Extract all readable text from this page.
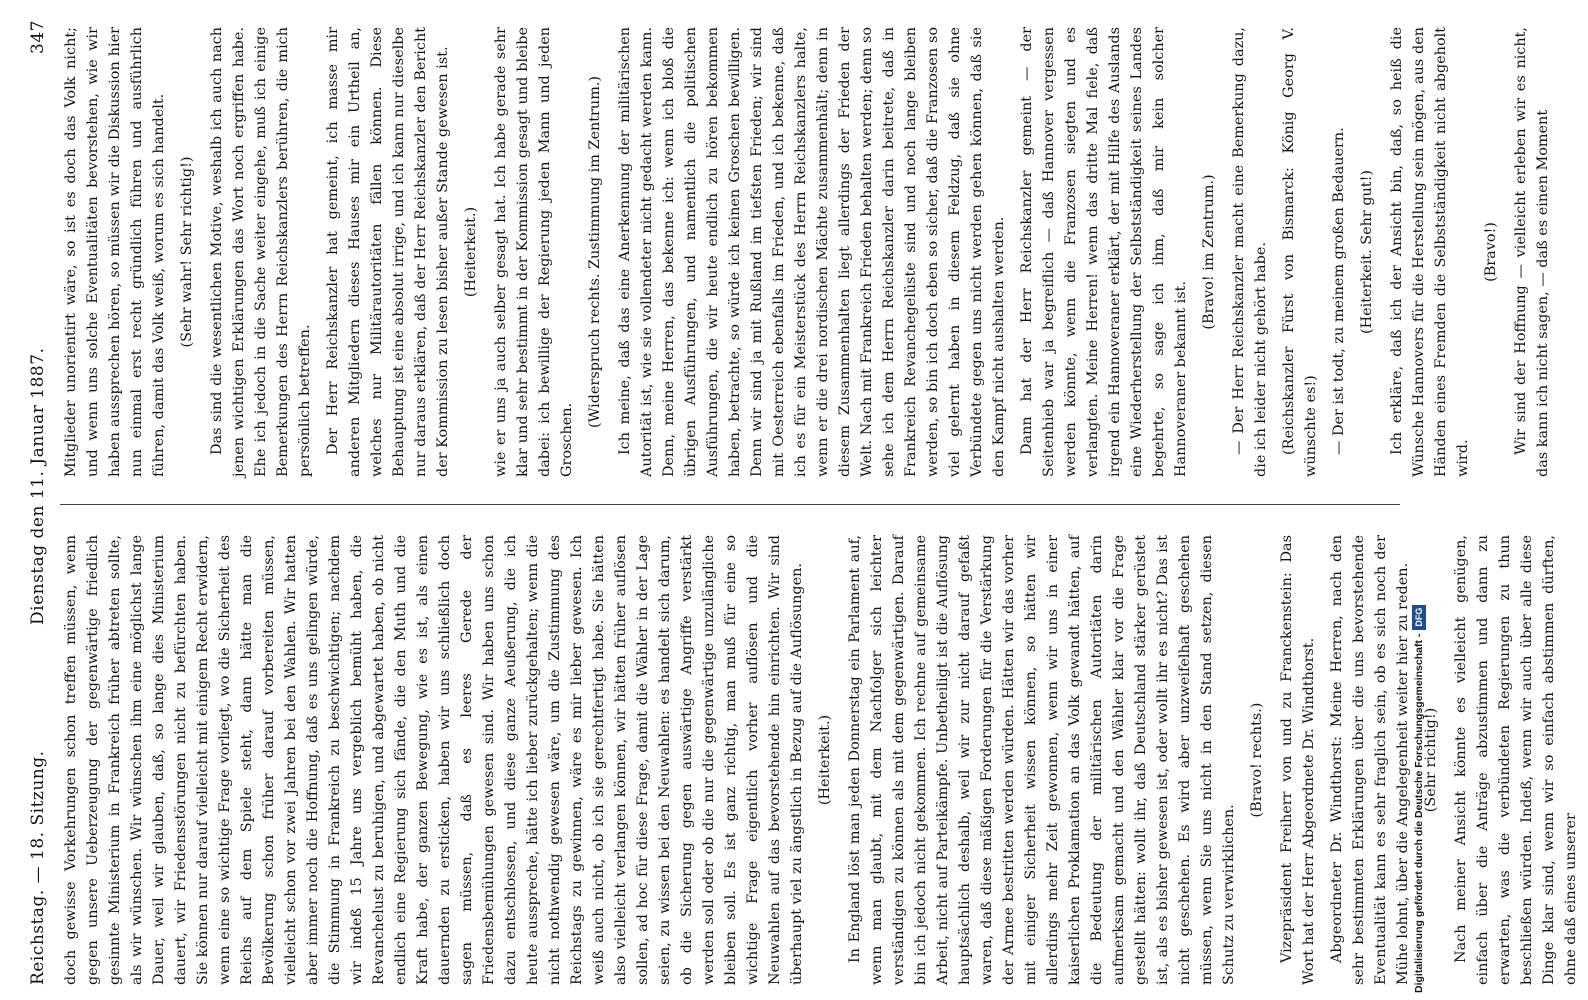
Reichstag. — 18. Sitzung.
Dienstag den 11. Januar 1887.
347

doch gewisse Vorkehrungen schon treffen müssen, wenn gegen unsere Ueberzeugung der gegenwärtige friedlich gesinnte Ministerium in Frankreich früher abtreten sollte, als wir wünschen. Wir wünschen ihm eine möglichst lange Dauer, weil wir glauben, daß, so lange dies Ministerium dauert, wir Friedensstörungen nicht zu befürchten haben. Sie können nur darauf vielleicht mit einigem Recht erwidern, wenn eine so wichtige Frage vorliegt, wo die Sicherheit des Reichs auf dem Spiele steht, dann hätte man die Bevölkerung schon früher darauf vorbereiten müssen, vielleicht schon vor zwei Jahren bei den Wahlen. Wir hatten aber immer noch die Hoffnung, daß es uns gelingen würde, die Stimmung in Frankreich zu beschwichtigen; nachdem wir indeß 15 Jahre uns vergeblich bemüht haben, die Revanchelust zu beruhigen, und abgewartet haben, ob nicht endlich eine Regierung sich fände, die den Muth und die Kraft habe, der ganzen Bewegung, wie es ist, als einen dauernden zu ersticken, haben wir uns schließlich doch sagen müssen, daß es leeres Gerede der Friedensbemühungen gewesen sind. Wir haben uns schon dazu entschlossen, und diese ganze Aeußerung, die ich heute ausspreche, hätte ich lieber zurückgehalten; wenn die nicht nothwendig gewesen wäre, um die Zustimmung des Reichstags zu gewinnen, wäre es mir lieber gewesen. Ich weiß auch nicht, ob ich sie gerechtfertigt habe. Sie hätten also vielleicht verlangen können, wir hätten früher auflösen sollen, ad hoc für diese Frage, damit die Wähler in der Lage seien, zu wissen bei den Neuwahlen: es handelt sich darum, ob die Sicherung gegen auswärtige Angriffe verstärkt werden soll oder ob die nur die gegenwärtige unzulängliche bleiben soll. Es ist ganz richtig, man muß für eine so wichtige Frage eigentlich vorher auflösen und die Neuwahlen auf das bevorstehende hin einrichten. Wir sind überhaupt viel zu ängstlich in Bezug auf die Auflösungen. (Heiterkeit.) In England löst man jeden Donnerstag ein Parlament auf, wenn man glaubt, mit dem Nachfolger sich leichter verständigen zu können als mit dem gegenwärtigen. Darauf bin ich jedoch nicht gekommen. Ich rechne auf gemeinsame Arbeit, nicht auf Parteikämpfe. Unbetheiligt ist die Auflösung hauptsächlich deshalb, weil wir zur nicht darauf gefaßt waren, daß diese mäßigen Forderungen für die Verstärkung der Armee bestritten werden würden. Hätten wir das vorher mit einiger Sicherheit wissen können, so hätten wir allerdings mehr Zeit gewonnen, wenn wir uns in einer kaiserlichen Proklamation an das Volk gewandt hätten, auf die Bedeutung der militärischen Autoritäten darin aufmerksam gemacht und den Wähler klar vor die Frage gestellt hätten: wollt ihr, daß Deutschland stärker gerüstet ist, als es bisher gewesen ist, oder wollt ihr es nicht? Das ist nicht geschehen. Es wird aber unzweifelhaft geschehen müssen, wenn Sie uns nicht in den Stand setzen, diesen Schutz zu verwirklichen.

(Bravo! rechts.) Vizepräsident Freiherr von und zu Franckenstein: Das Wort hat der Herr Abgeordnete Dr. Windthorst. Abgeordneter Dr. Windthorst: Meine Herren, nach den sehr bestimmten Erklärungen über die uns bevorstehende Eventualität kann es sehr fraglich sein, ob es sich noch der Mühe lohnt, über die Angelegenheit weiter hier zu reden. (Sehr richtig!) Nach meiner Ansicht könnte es vielleicht genügen, einfach über die Anträge abzustimmen und dann zu erwarten, was die verbündeten Regierungen zu thun beschließen würden. Indeß, wenn wir auch über alle diese Dinge klar sind, wenn wir so einfach abstimmen dürften, ohne daß eines unserer

Mitglieder unorientirt wäre, so ist es doch das Volk nicht; und wenn uns solche Eventualitäten bevorstehen, wie wir haben aussprechen hören, so müssen wir die Diskussion hier nun einmal erst recht gründlich führen und ausführlich führen, damit das Volk weiß, worum es sich handelt. (Sehr wahr! Sehr richtig!) Das sind die wesentlichen Motive, weshalb ich auch nach jenen wichtigen Erklärungen das Wort noch ergriffen habe. Ehe ich jedoch in die Sache weiter eingehe, muß ich einige Bemerkungen des Herrn Reichskanzlers berühren, die mich persönlich betreffen. Der Herr Reichskanzler hat gemeint, ich masse mir anderen Mitgliedern dieses Hauses mir ein Urtheil an, welches nur Militärautoritäten fällen können. Diese Behauptung ist eine absolut irrige, und ich kann nur dieselbe nur daraus erklären, daß der Herr Reichskanzler den Bericht der Kommission zu lesen bisher außer Stande gewesen ist. (Heiterkeit.) wie er uns ja auch selber gesagt hat. Ich habe gerade sehr klar und sehr bestimmt in der Kommission gesagt und bleibe dabei: ich bewillige der Regierung jeden Mann und jeden Groschen.

(Widerspruch rechts. Zustimmung im Zentrum.) Ich meine, daß das eine Anerkennung der militärischen Autorität ist, wie sie vollendeter nicht gedacht werden kann. Denn, meine Herren, das bekenne ich: wenn ich bloß die übrigen Ausführungen, und namentlich die politischen Ausführungen, die wir heute endlich zu hören bekommen haben, betrachte, so würde ich keinen Groschen bewilligen. Denn wir sind ja mit Rußland im tiefsten Frieden; wir sind mit Oesterreich ebenfalls im Frieden, und ich bekenne, daß ich es für ein Meisterstück des Herrn Reichskanzlers halte, wenn er die drei nordischen Mächte zusammenhält; denn in diesem Zusammenhalten liegt allerdings der Frieden der Welt. Nach mit Frankreich Frieden behalten werden; denn so sehe ich dem Herrn Reichskanzler darin beitrete, daß in Frankreich Revanchegelüste sind und noch lange bleiben werden, so bin ich doch eben so sicher, daß die Franzosen so viel gelernt haben in diesem Feldzug, daß sie ohne Verbündete gegen uns nicht werden gehen können, daß sie den Kampf nicht aushalten werden. Dann hat der Herr Reichskanzler gemeint — der Seitenhieb war ja begreiflich — daß Hannover vergessen werden könnte, wenn die Franzosen siegten und es verlangten. Meine Herren! wenn das dritte Mal fiele, daß irgend ein Hannoveraner erklärt, der mit Hilfe des Auslands eine Wiederherstellung der Selbstständigkeit seines Landes begehrte, so sage ich ihm, daß mir kein solcher Hannoveraner bekannt ist.

(Bravo! im Zentrum.) — Der Herr Reichskanzler macht eine Bemerkung dazu, die ich leider nicht gehört habe. (Reichskanzler Fürst von Bismarck: König Georg V. wünschte es!) — Der ist todt, zu meinem großen Bedauern. (Heiterkeit. Sehr gut!) Ich erkläre, daß ich der Ansicht bin, daß, so heiß die Wünsche Hannovers für die Herstellung sein mögen, aus den Händen eines Fremden die Selbstständigkeit nicht abgeholt wird.

(Bravo!) Wir sind der Hoffnung — vielleicht erleben wir es nicht, das kann ich nicht sagen, — daß es einen Moment

Digitalisierung gefördert durch die Deutsche Forschungsgemeinschaft -DFG
